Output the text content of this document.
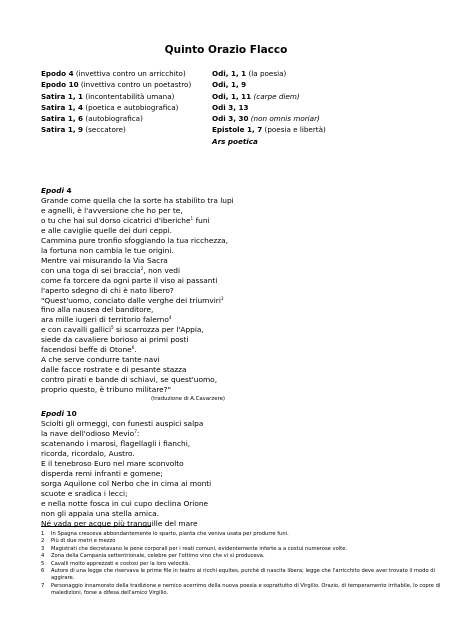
Quinto Orazio Flacco
Epodo 4 (invettiva contro un arricchito)
Epodo 10 (invettiva contro un poetastro)
Satira 1, 1 (incontentabilità umana)
Satira 1, 4 (poetica e autobiografica)
Satira 1, 6 (autobiografica)
Satira 1, 9 (seccatore)
Odi, 1, 1 (la poesia)
Odi, 1, 9
Odi, 1, 11 (carpe diem)
Odi 3, 13
Odi 3, 30 (non omnis moriar)
Epistole 1, 7 (poesia e libertà)
Ars poetica
Epodi 4
Grande come quella che la sorte ha stabilito tra lupi
e agnelli, è l'avversione che ho per te,
o tu che hai sul dorso cicatrici d'iberiche$^1$ funi
e alle caviglie quelle dei duri ceppi.
Cammina pure tronfio sfoggiando la tua ricchezza,
la fortuna non cambia le tue origini.
Mentre vai misurando la Via Sacra
con una toga di sei braccia$^2$, non vedi
come fa torcere da ogni parte il viso ai passanti
l'aperto sdegno di chi è nato libero?
"Quest'uomo, conciato dalle verghe dei triumviri$^3$
fino alla nausea del banditore,
ara mille iugeri di territorio falerno$^4$
e con cavalli gallici$^5$ si scarrozza per l'Appia,
siede da cavaliere borioso ai primi posti
facendosi beffe di Otone$^6$.
A che serve condurre tante navi
dalle facce rostrate e di pesante stazza
contro pirati e bande di schiavi, se quest'uomo,
proprio questo, è tribuno militare?"
(traduzione di A.Cavarzere)
Epodi 10
Sciolti gli ormeggi, con funesti auspici salpa
la nave dell'odioso Mevio$^7$:
scatenando i marosi, flagellagli i fianchi,
ricorda, ricordalo, Austro.
E il tenebroso Euro nel mare sconvolto
disperda remi infranti e gomene;
sorga Aquilone col Nerbo che in cima ai monti
scuote e sradica i lecci;
e nella notte fosca in cui cupo declina Orione
non gli appaia una stella amica.
Né vada per acque più tranquille del mare
1	In Spagna cresceva abbondantemente lo sparto, pianta che veniva usata per produrre funi.
2	Più di due metri e mezzo
3	Magistrati che decretavano le pene corporali per i reati comuni, evidentemente inferte a a costui numerose volte.
4	Zona della Campania settentrionale, celebre per l'ottimo vino che vi si produceva.
5	Cavalli molto apprezzati e costosi per la loro velocità.
6	Autore di una legge che riservava le prime file in teatro ai ricchi equites, purché di nascita libera; legge che l'arricchito deve aver trovato il modo di aggirare.
7	Personaggio innamorato della tradizione e nemico acerrimo della nuova poesia e soprattutto di Virgilio. Orazio, di temperamento irritabile, lo copre di maledizioni, forse a difesa dell'amico Virgilio.
